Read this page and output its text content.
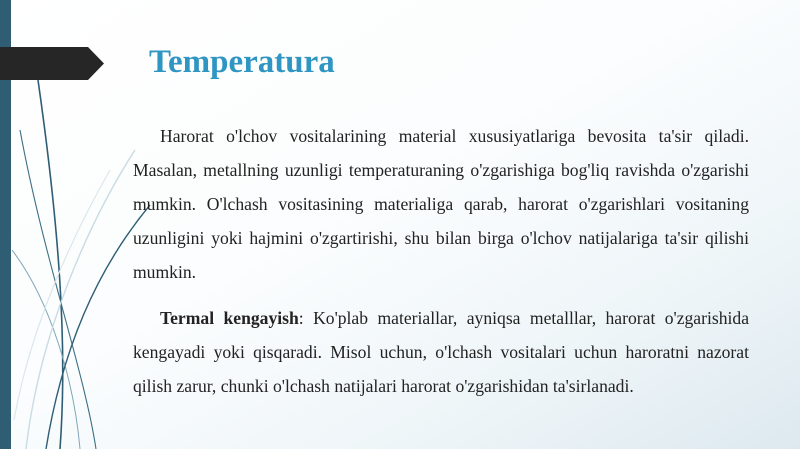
Temperatura

Harorat o'lchov vositalarining material xususiyatlariga bevosita ta'sir qiladi. Masalan, metallning uzunligi temperaturaning o'zgarishiga bog'liq ravishda o'zgarishi mumkin. O'lchash vositasining materialiga qarab, harorat o'zgarishlari vositaning uzunligini yoki hajmini o'zgartirishi, shu bilan birga o'lchov natijalariga ta'sir qilishi mumkin.

Termal kengayish: Ko'plab materiallar, ayniqsa metalllar, harorat o'zgarishida kengayadi yoki qisqaradi. Misol uchun, o'lchash vositalari uchun haroratni nazorat qilish zarur, chunki o'lchash natijalari harorat o'zgarishidan ta'sirlanadi.
